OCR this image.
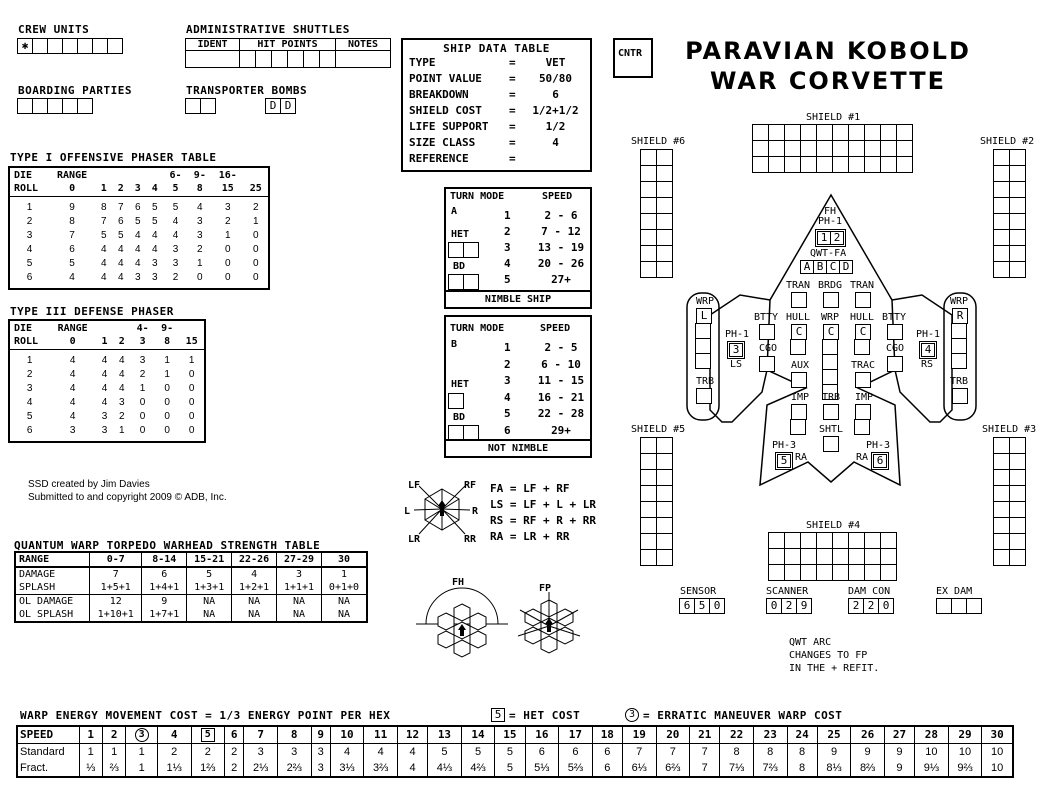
CREW UNITS
✱
BOARDING PARTIES
ADMINISTRATIVE SHUTTLES
IDENT	HIT POINTS	NOTES
TRANSPORTER BOMBS
D D
SHIP DATA TABLE
TYPE	=	VET
POINT VALUE	=	50/80
BREAKDOWN	=	6
SHIELD COST	=	1/2+1/2
LIFE SUPPORT	=	1/2
SIZE CLASS	=	4
REFERENCE	=
CNTR	PARAVIAN KOBOLD
WAR CORVETTE
TYPE I OFFENSIVE PHASER TABLE
DIE	RANGE					6-	9-	16-	
ROLL	0	1	2	3	4	5	8	15	25

1	9	8	7	6	5	5	4	3	2
2	8	7	6	5	5	4	3	2	1
3	7	5	5	4	4	4	3	1	0
4	6	4	4	4	4	3	2	0	0
5	5	4	4	4	3	3	1	0	0
6	4	4	4	3	3	2	0	0	0
TYPE III DEFENSE PHASER
DIE	RANGE			4-	9-	
ROLL	0	1	2	3	8	15

1	4	4	4	3	1	1
2	4	4	4	2	1	0
3	4	4	4	1	0	0
4	4	4	3	0	0	0
5	4	3	2	0	0	0
6	3	3	1	0	0	0
TURN MODE	SPEED
A
HET
BD
1	2 - 6
2	7 - 12
3 13 - 19
4 20 - 26
5	27+
NIMBLE SHIP
TURN MODE	SPEED
B
HET
BD
1	2 - 5
2	6 - 10
3 11 - 15
4 16 - 21
5 22 - 28
6	29+
NOT NIMBLE
SSD created by Jim Davies
Submitted to and copyright 2009 © ADB, Inc.
LF	RF
L	R
LR	RR
FA = LF + RF
LS = LF + L + LR
RS = RF + R + RR
RA = LR + RR
QUANTUM WARP TORPEDO WARHEAD STRENGTH TABLE
RANGE	0-7	8-14	15-21	22-26	27-29	30
DAMAGE	7	6	5	4	3	1
SPLASH	1+5+1	1+4+1	1+3+1	1+2+1	1+1+1	0+1+0
OL DAMAGE	12	9	NA	NA	NA	NA
OL SPLASH	1+10+1	1+7+1	NA	NA	NA	NA
FH
FP
SHIELD #1
SHIELD #6	SHIELD #2
SHIELD #5	SHIELD #3
SHIELD #4
FH
PH-1
1 2
QWT-FA
A B C D
TRAN BRDG TRAN
BTTY HULL WRP HULL BTTY
C	C
C
CGO	CGO
AUX	TRAC
IMP TRB IMP
SHTL
PH-3
5 RA
PH-3
RA 6
PH-1
3
LS
PH-1
4
RS
WRP
L
TRB
WRP
R
TRB
SENSOR
6 5 0
SCANNER
0 2 9
DAM CON
2 2 0
EX DAM
QWT ARC
CHANGES TO FP
IN THE + REFIT.
WARP ENERGY MOVEMENT COST = 1/3 ENERGY POINT PER HEX	5 = HET COST	3 = ERRATIC MANEUVER WARP COST
SPEED	1	2	3	4	5	6	7	8	9	10	11	12	13	14	15	16	17	18	19	20	21	22	23	24	25	26	27	28	29	30
Standard	1	1	1	2	2	2	3	3	3	4	4	4	5	5	5	6	6	6	7	7	7	8	8	8	9	9	9	10	10	10
Fract.	⅓	⅔	1	1⅓	1⅔	2	2⅓	2⅔	3	3⅓	3⅔	4	4⅓	4⅔	5	5⅓	5⅔	6	6⅓	6⅔	7	7⅓	7⅔	8	8⅓	8⅔	9	9⅓	9⅔	10
